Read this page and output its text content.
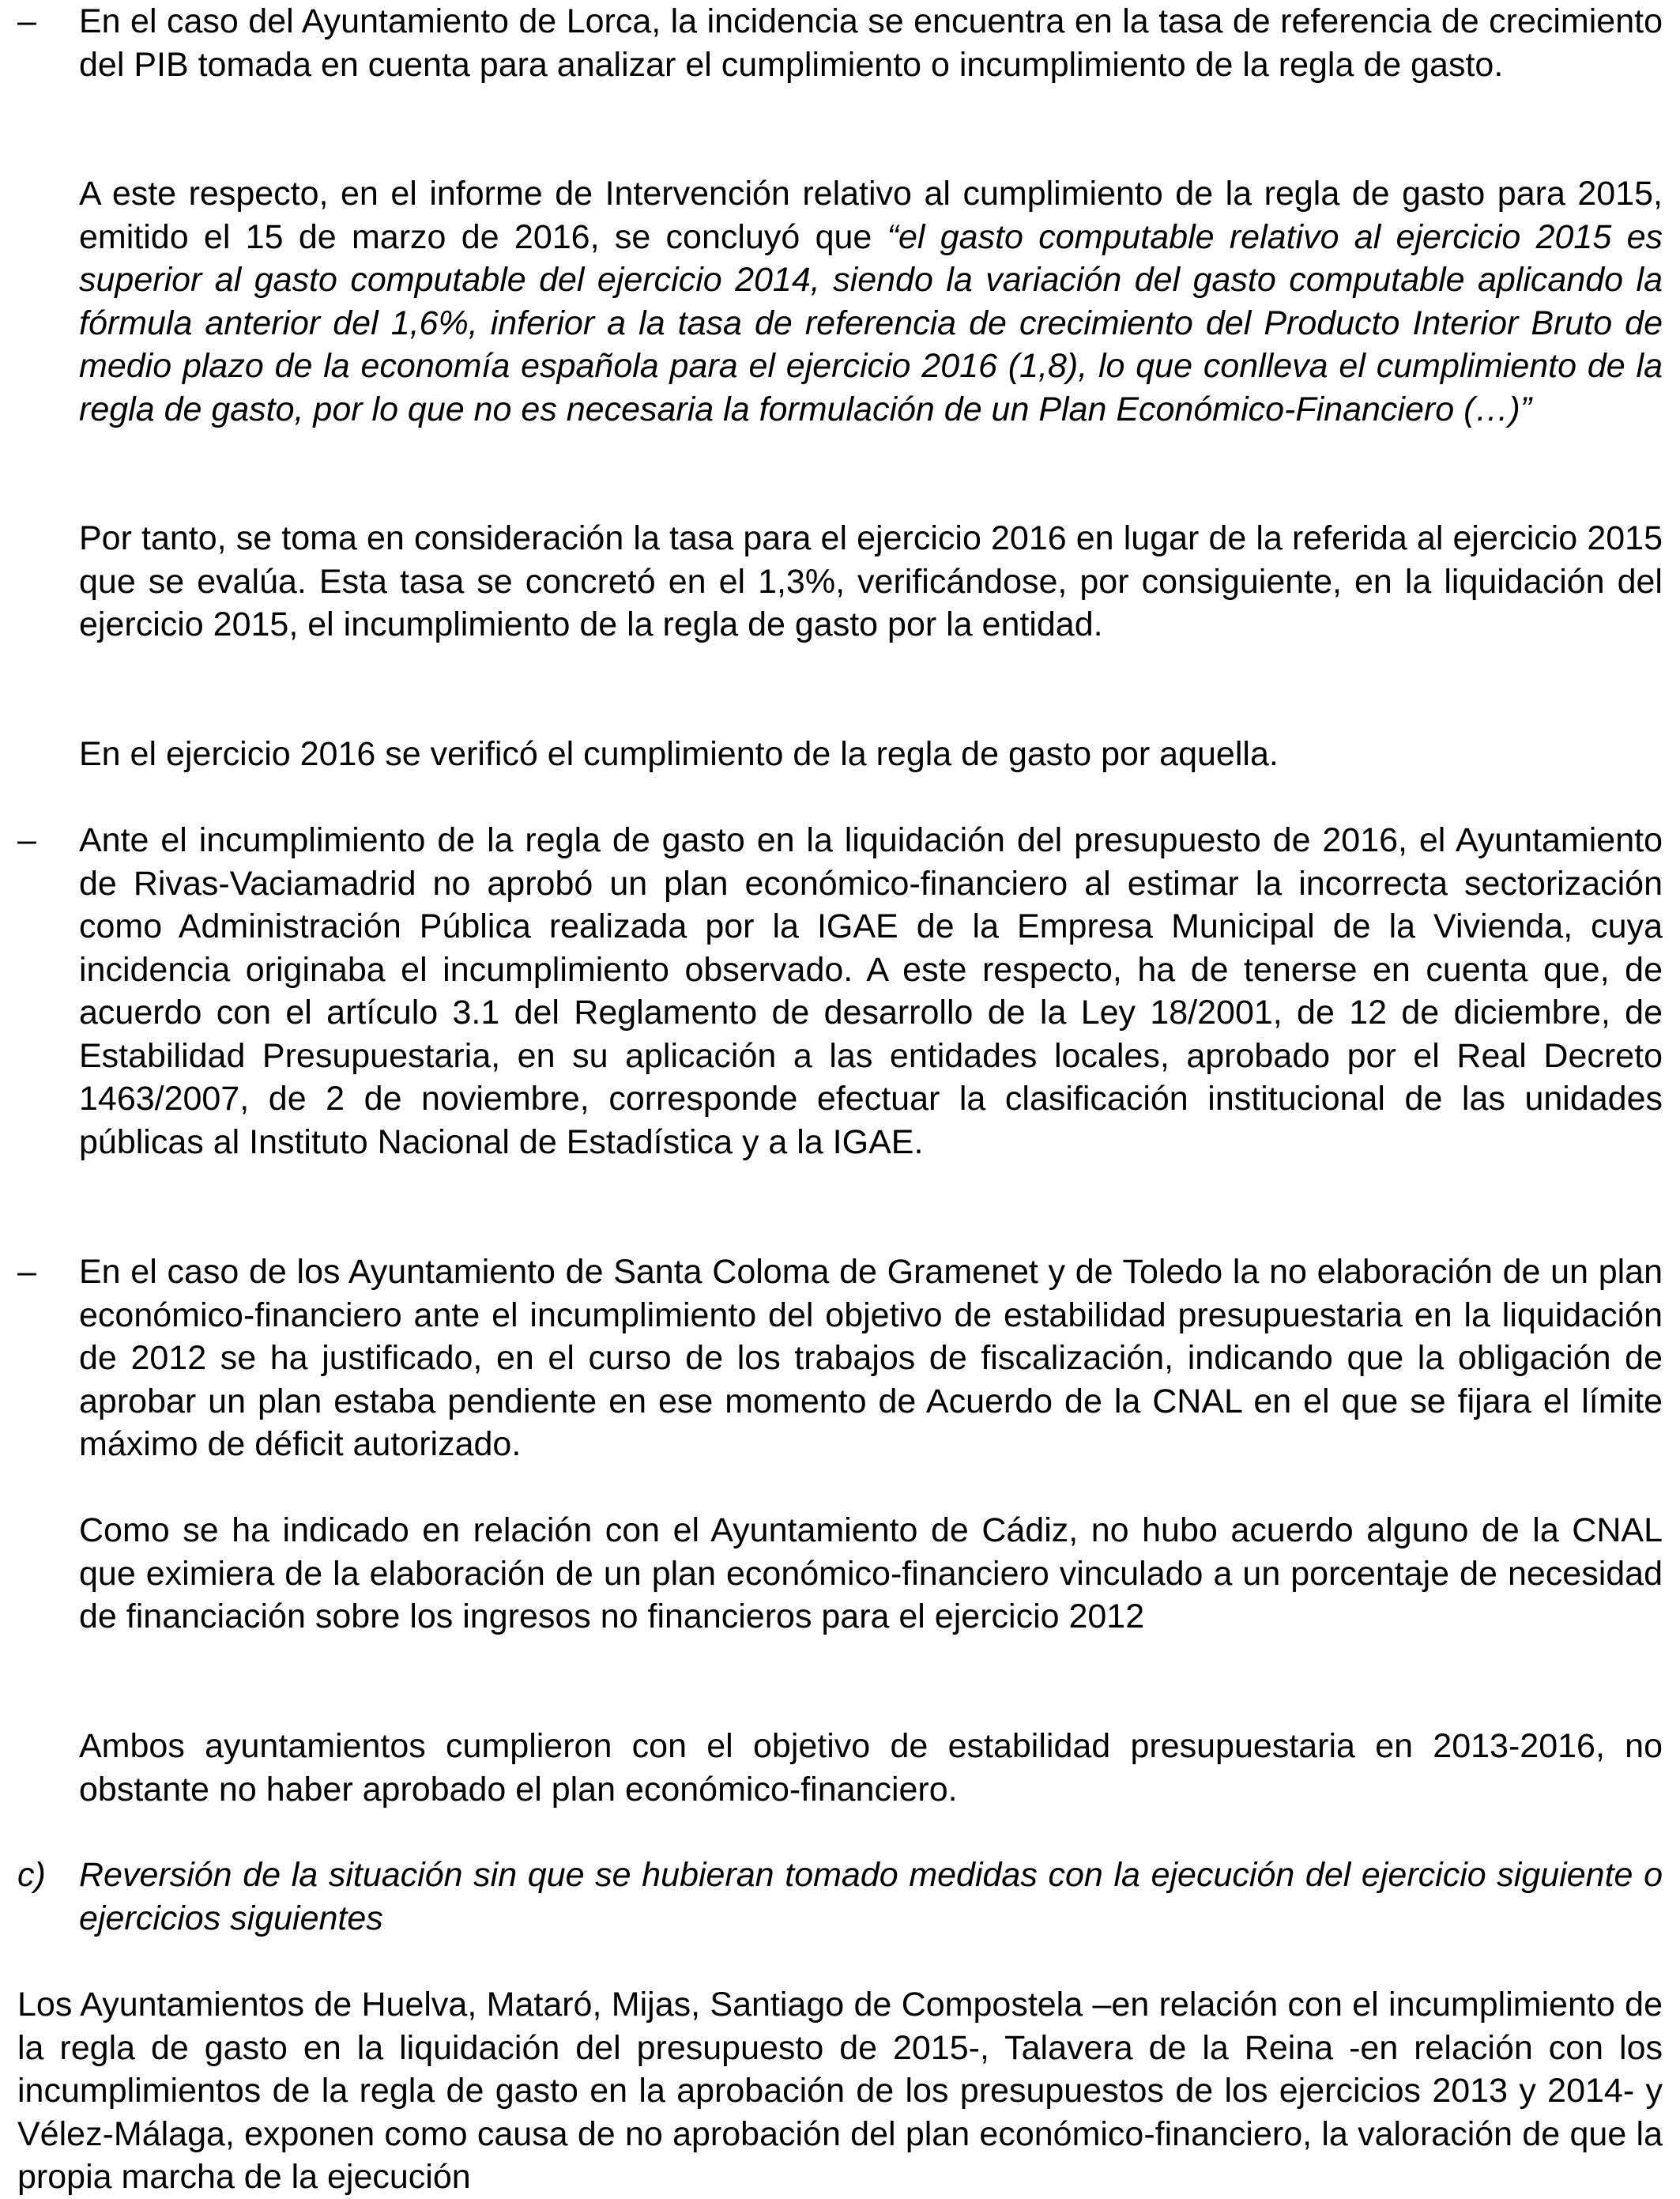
– En el caso del Ayuntamiento de Lorca, la incidencia se encuentra en la tasa de referencia de crecimiento del PIB tomada en cuenta para analizar el cumplimiento o incumplimiento de la regla de gasto.

A este respecto, en el informe de Intervención relativo al cumplimiento de la regla de gasto para 2015, emitido el 15 de marzo de 2016, se concluyó que “el gasto computable relativo al ejercicio 2015 es superior al gasto computable del ejercicio 2014, siendo la variación del gasto computable aplicando la fórmula anterior del 1,6%, inferior a la tasa de referencia de crecimiento del Producto Interior Bruto de medio plazo de la economía española para el ejercicio 2016 (1,8), lo que conlleva el cumplimiento de la regla de gasto, por lo que no es necesaria la formulación de un Plan Económico-Financiero (…)”

Por tanto, se toma en consideración la tasa para el ejercicio 2016 en lugar de la referida al ejercicio 2015 que se evalúa. Esta tasa se concretó en el 1,3%, verificándose, por consiguiente, en la liquidación del ejercicio 2015, el incumplimiento de la regla de gasto por la entidad.

En el ejercicio 2016 se verificó el cumplimiento de la regla de gasto por aquella.

– Ante el incumplimiento de la regla de gasto en la liquidación del presupuesto de 2016, el Ayuntamiento de Rivas-Vaciamadrid no aprobó un plan económico-financiero al estimar la incorrecta sectorización como Administración Pública realizada por la IGAE de la Empresa Municipal de la Vivienda, cuya incidencia originaba el incumplimiento observado. A este respecto, ha de tenerse en cuenta que, de acuerdo con el artículo 3.1 del Reglamento de desarrollo de la Ley 18/2001, de 12 de diciembre, de Estabilidad Presupuestaria, en su aplicación a las entidades locales, aprobado por el Real Decreto 1463/2007, de 2 de noviembre, corresponde efectuar la clasificación institucional de las unidades públicas al Instituto Nacional de Estadística y a la IGAE.

– En el caso de los Ayuntamiento de Santa Coloma de Gramenet y de Toledo la no elaboración de un plan económico-financiero ante el incumplimiento del objetivo de estabilidad presupuestaria en la liquidación de 2012 se ha justificado, en el curso de los trabajos de fiscalización, indicando que la obligación de aprobar un plan estaba pendiente en ese momento de Acuerdo de la CNAL en el que se fijara el límite máximo de déficit autorizado.

Como se ha indicado en relación con el Ayuntamiento de Cádiz, no hubo acuerdo alguno de la CNAL que eximiera de la elaboración de un plan económico-financiero vinculado a un porcentaje de necesidad de financiación sobre los ingresos no financieros para el ejercicio 2012

Ambos ayuntamientos cumplieron con el objetivo de estabilidad presupuestaria en 2013-2016, no obstante no haber aprobado el plan económico-financiero.

c) Reversión de la situación sin que se hubieran tomado medidas con la ejecución del ejercicio siguiente o ejercicios siguientes

Los Ayuntamientos de Huelva, Mataró, Mijas, Santiago de Compostela –en relación con el incumplimiento de la regla de gasto en la liquidación del presupuesto de 2015-, Talavera de la Reina -en relación con los incumplimientos de la regla de gasto en la aprobación de los presupuestos de los ejercicios 2013 y 2014- y Vélez-Málaga, exponen como causa de no aprobación del plan económico-financiero, la valoración de que la propia marcha de la ejecución
